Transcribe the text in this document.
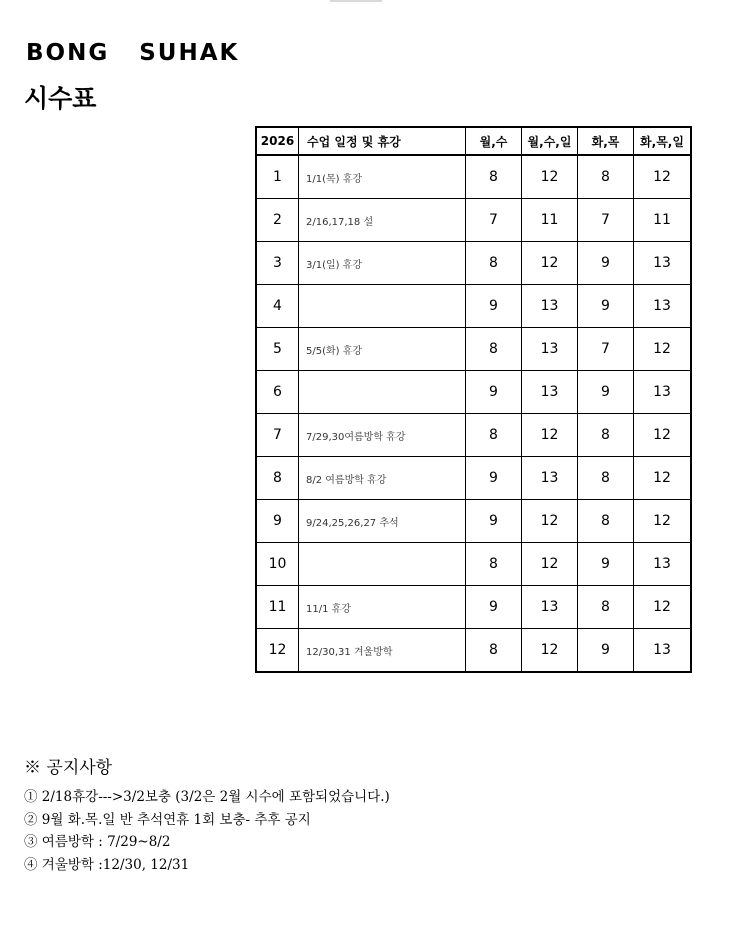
BONG   SUHAK
시수표
2026	수업 일정 및 휴강	월,수	월,수,일	화,목	화,목,일
1	1/1(목) 휴강	8	12	8	12
2	2/16,17,18 설	7	11	7	11
3	3/1(일) 휴강	8	12	9	13
4		9	13	9	13
5	5/5(화) 휴강	8	13	7	12
6		9	13	9	13
7	7/29,30여름방학 휴강	8	12	8	12
8	8/2 여름방학 휴강	9	13	8	12
9	9/24,25,26,27 추석	9	12	8	12
10		8	12	9	13
11	11/1 휴강	9	13	8	12
12	12/30,31 겨울방학	8	12	9	13
※ 공지사항
① 2/18휴강--->3/2보충 (3/2은 2월 시수에 포함되었습니다.)
② 9월 화.목.일 반 추석연휴 1회 보충- 추후 공지
③ 여름방학 : 7/29~8/2
④ 겨울방학 :12/30, 12/31
